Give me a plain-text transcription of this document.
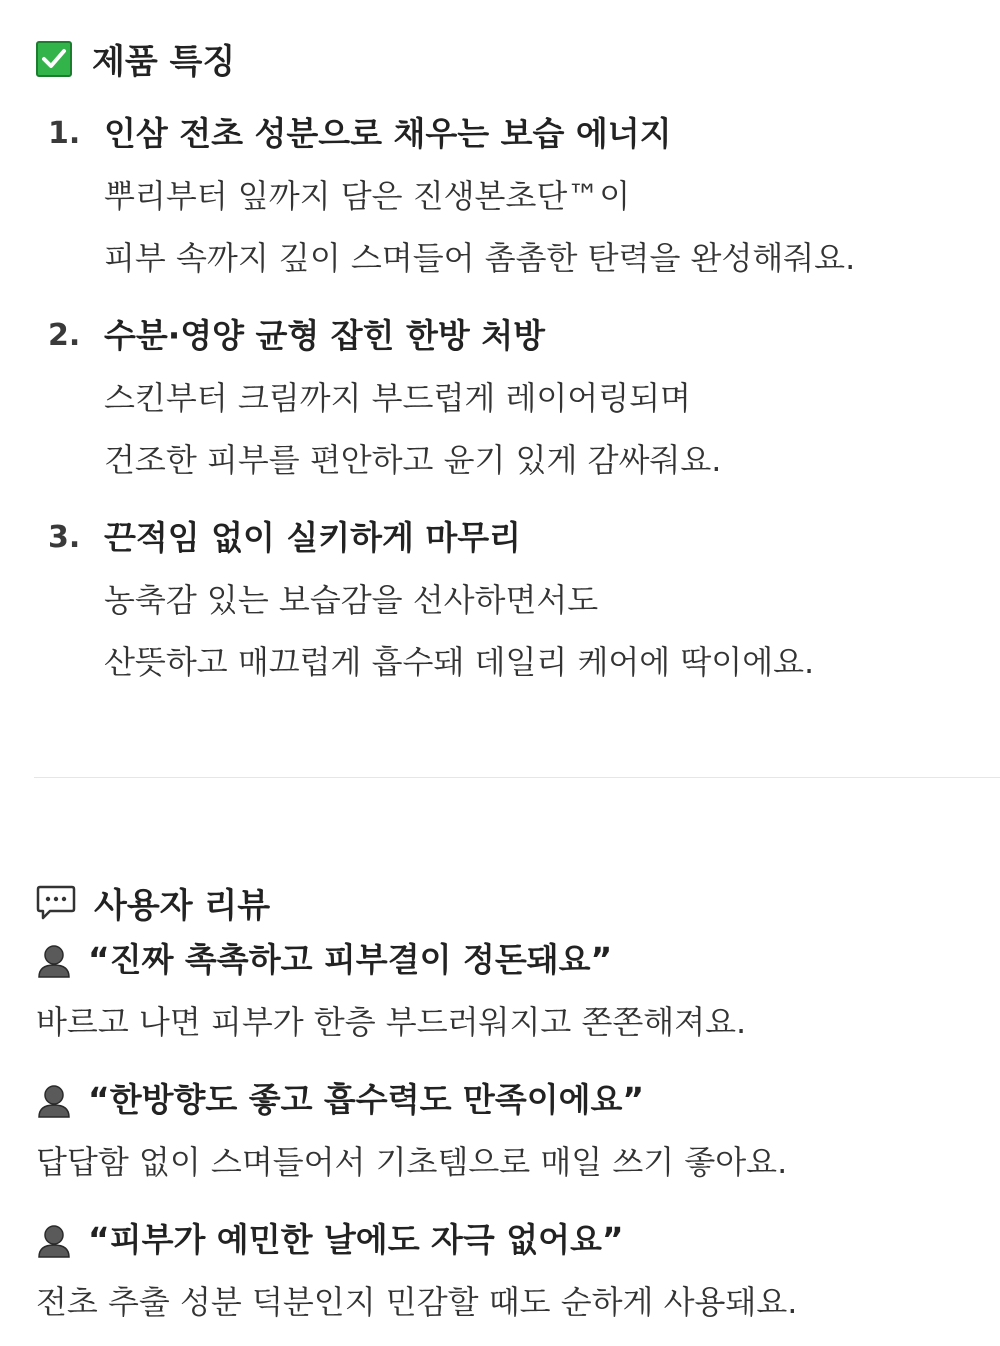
제품 특징
1. 인삼 전초 성분으로 채우는 보습 에너지
뿌리부터 잎까지 담은 진생본초단™이
피부 속까지 깊이 스며들어 촘촘한 탄력을 완성해줘요.
2. 수분·영양 균형 잡힌 한방 처방
스킨부터 크림까지 부드럽게 레이어링되며
건조한 피부를 편안하고 윤기 있게 감싸줘요.
3. 끈적임 없이 실키하게 마무리
농축감 있는 보습감을 선사하면서도
산뜻하고 매끄럽게 흡수돼 데일리 케어에 딱이에요.
사용자 리뷰
“진짜 촉촉하고 피부결이 정돈돼요”
바르고 나면 피부가 한층 부드러워지고 쫀쫀해져요.
“한방향도 좋고 흡수력도 만족이에요”
답답함 없이 스며들어서 기초템으로 매일 쓰기 좋아요.
“피부가 예민한 날에도 자극 없어요”
전초 추출 성분 덕분인지 민감할 때도 순하게 사용돼요.
